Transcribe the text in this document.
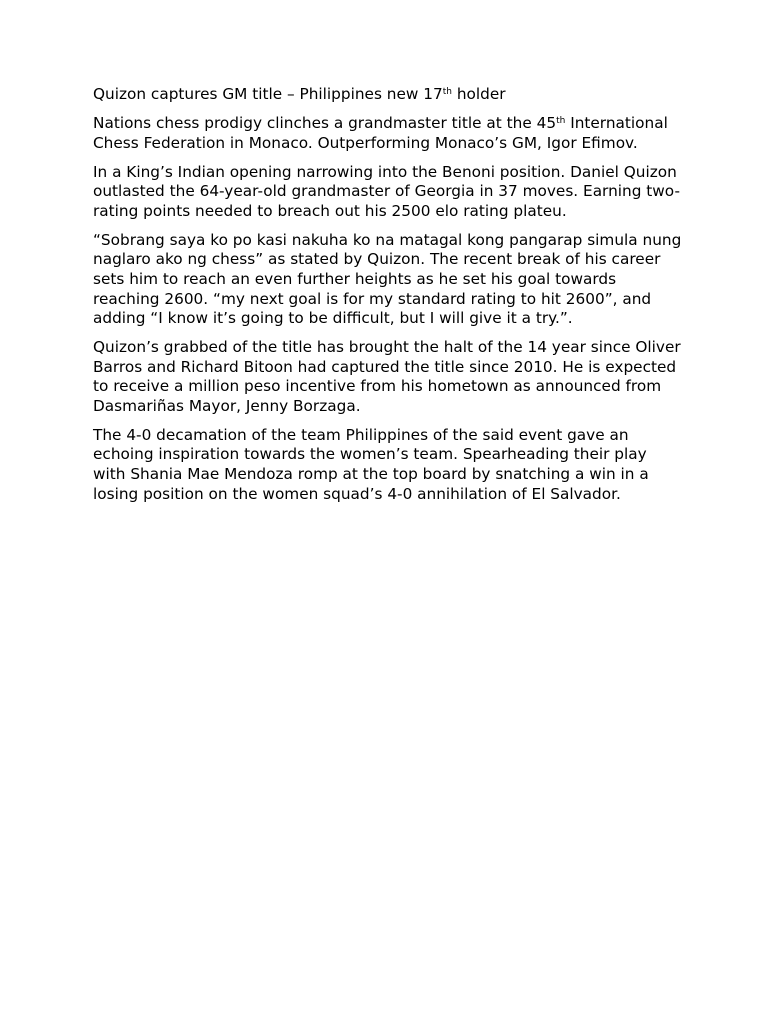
Quizon captures GM title – Philippines new 17th holder

Nations chess prodigy clinches a grandmaster title at the 45th International Chess Federation in Monaco. Outperforming Monaco’s GM, Igor Efimov.

In a King’s Indian opening narrowing into the Benoni position. Daniel Quizon outlasted the 64-year-old grandmaster of Georgia in 37 moves. Earning two-rating points needed to breach out his 2500 elo rating plateu.

“Sobrang saya ko po kasi nakuha ko na matagal kong pangarap simula nung naglaro ako ng chess” as stated by Quizon. The recent break of his career sets him to reach an even further heights as he set his goal towards reaching 2600. “my next goal is for my standard rating to hit 2600”, and adding “I know it’s going to be difficult, but I will give it a try.”.

Quizon’s grabbed of the title has brought the halt of the 14 year since Oliver Barros and Richard Bitoon had captured the title since 2010. He is expected to receive a million peso incentive from his hometown as announced from Dasmariñas Mayor, Jenny Borzaga.

The 4-0 decamation of the team Philippines of the said event gave an echoing inspiration towards the women’s team. Spearheading their play with Shania Mae Mendoza romp at the top board by snatching a win in a losing position on the women squad’s 4-0 annihilation of El Salvador.
